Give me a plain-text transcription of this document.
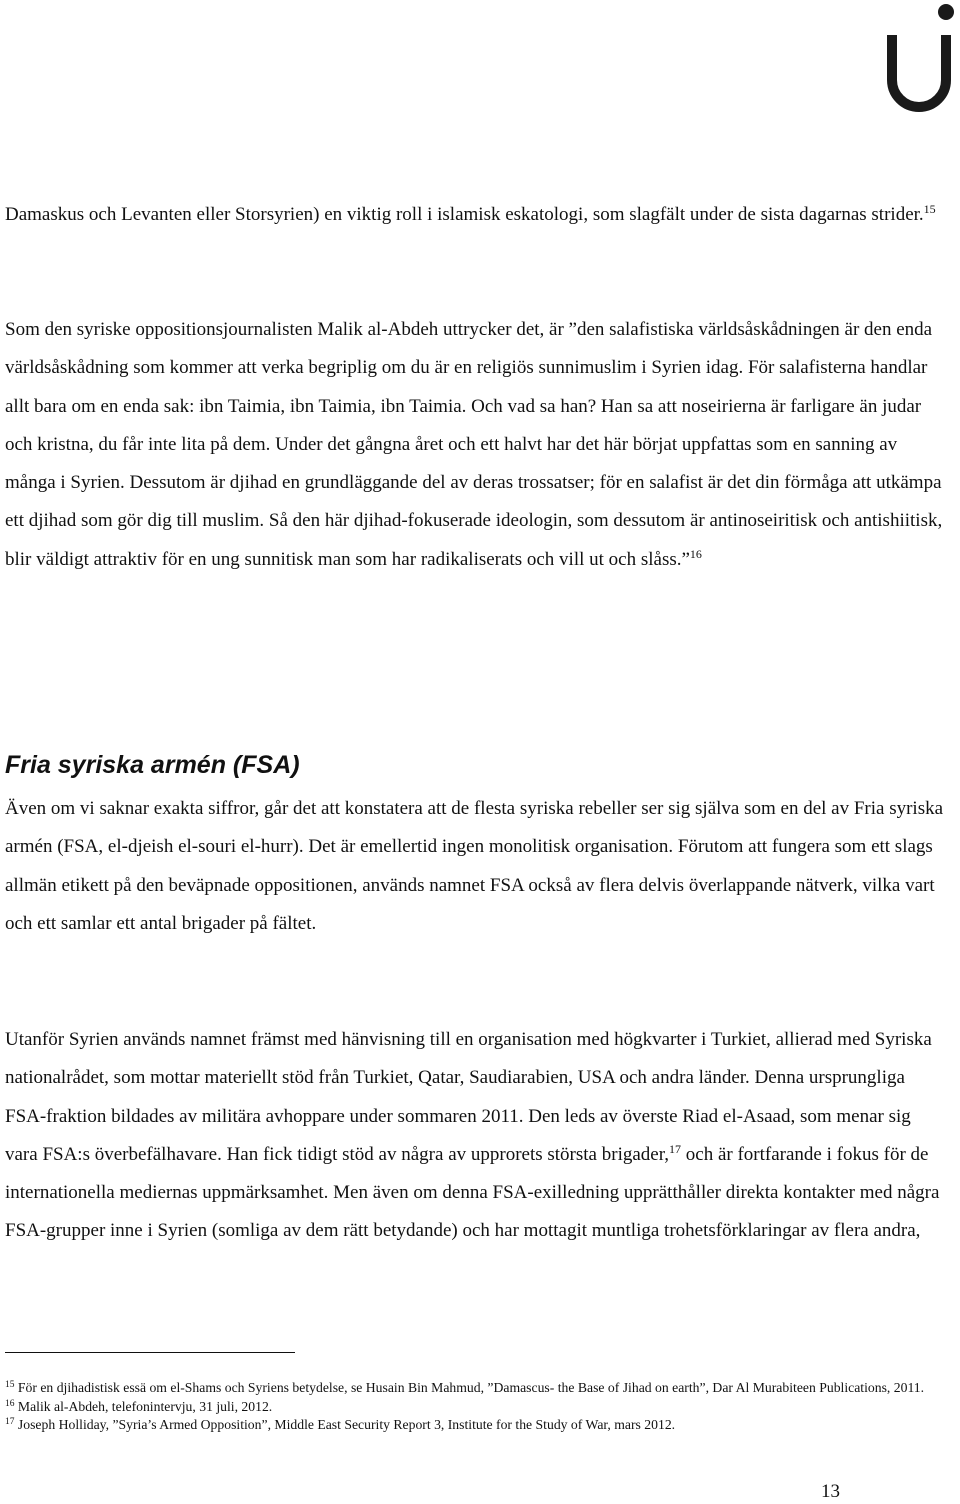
Damaskus och Levanten eller Storsyrien) en viktig roll i islamisk eskatologi, som slagfält under de sista dagarnas strider.$^{15}$

Som den syriske oppositionsjournalisten Malik al-Abdeh uttrycker det, är ”den salafistiska världsåskådningen är den enda världsåskådning som kommer att verka begriplig om du är en religiös sunnimuslim i Syrien idag. För salafisterna handlar allt bara om en enda sak: ibn Taimia, ibn Taimia, ibn Taimia. Och vad sa han? Han sa att noseirierna är farligare än judar och kristna, du får inte lita på dem. Under det gångna året och ett halvt har det här börjat uppfattas som en sanning av många i Syrien. Dessutom är djihad en grundläggande del av deras trossatser; för en salafist är det din förmåga att utkämpa ett djihad som gör dig till muslim. Så den här djihad-fokuserade ideologin, som dessutom är antinoseiritisk och antishiitisk, blir väldigt attraktiv för en ung sunnitisk man som har radikaliserats och vill ut och slåss.”$^{16}$

Fria syriska armén (FSA)

Även om vi saknar exakta siffror, går det att konstatera att de flesta syriska rebeller ser sig själva som en del av Fria syriska armén (FSA, el-djeish el-souri el-hurr). Det är emellertid ingen monolitisk organisation. Förutom att fungera som ett slags allmän etikett på den beväpnade oppositionen, används namnet FSA också av flera delvis överlappande nätverk, vilka vart och ett samlar ett antal brigader på fältet.

Utanför Syrien används namnet främst med hänvisning till en organisation med högkvarter i Turkiet, allierad med Syriska nationalrådet, som mottar materiellt stöd från Turkiet, Qatar, Saudiarabien, USA och andra länder. Denna ursprungliga FSA-fraktion bildades av militära avhoppare under sommaren 2011. Den leds av överste Riad el-Asaad, som menar sig vara FSA:s överbefälhavare. Han fick tidigt stöd av några av upprorets största brigader,$^{17}$ och är fortfarande i fokus för de internationella mediernas uppmärksamhet. Men även om denna FSA-exilledning upprätthåller direkta kontakter med några FSA-grupper inne i Syrien (somliga av dem rätt betydande) och har mottagit muntliga trohetsförklaringar av flera andra,

$^{15}$ För en djihadistisk essä om el-Shams och Syriens betydelse, se Husain Bin Mahmud, ”Damascus- the Base of Jihad on earth”, Dar Al Murabiteen Publications, 2011.

$^{16}$ Malik al-Abdeh, telefonintervju, 31 juli, 2012.

$^{17}$ Joseph Holliday, ”Syria’s Armed Opposition”, Middle East Security Report 3, Institute for the Study of War, mars 2012.

13
